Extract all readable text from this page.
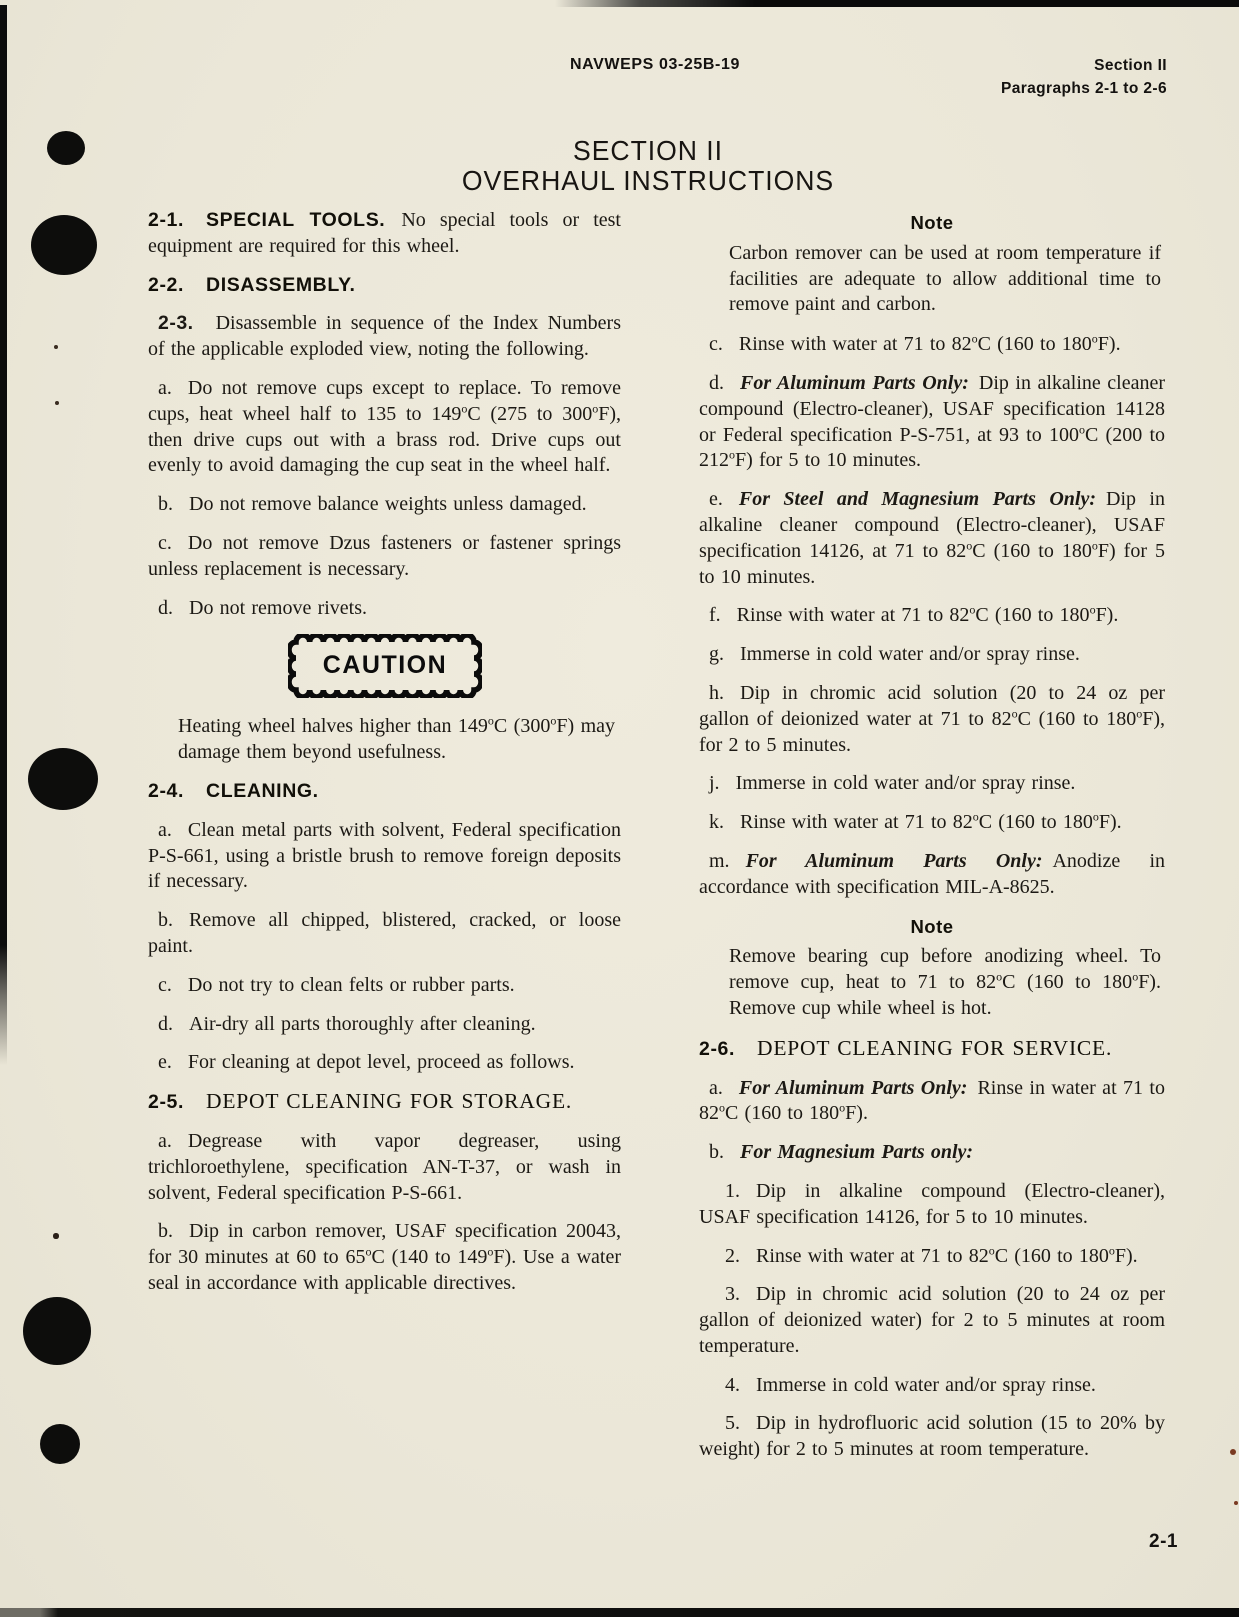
NAVWEPS 03-25B-19	Section II
Paragraphs 2-1 to 2-6
SECTION II
OVERHAUL INSTRUCTIONS
2-1. SPECIAL TOOLS. No special tools or test equipment are required for this wheel.
2-2. DISASSEMBLY.

2-3. Disassemble in sequence of the Index Numbers of the applicable exploded view, noting the following.

a. Do not remove cups except to replace. To remove cups, heat wheel half to 135 to 149$^o$C (275 to 300$^o$F), then drive cups out with a brass rod. Drive cups out evenly to avoid damaging the cup seat in the wheel half.

b. Do not remove balance weights unless damaged.

c. Do not remove Dzus fasteners or fastener springs unless replacement is necessary.

d. Do not remove rivets.

CAUTION

Heating wheel halves higher than 149$^o$C (300$^o$F) may damage them beyond usefulness.

2-4. CLEANING.

a. Clean metal parts with solvent, Federal specification P-S-661, using a bristle brush to remove foreign deposits if necessary.

b. Remove all chipped, blistered, cracked, or loose paint.

c. Do not try to clean felts or rubber parts.

d. Air-dry all parts thoroughly after cleaning.

e. For cleaning at depot level, proceed as follows.

2-5. DEPOT CLEANING FOR STORAGE.

a. Degrease with vapor degreaser, using trichloroethylene, specification AN-T-37, or wash in solvent, Federal specification P-S-661.

b. Dip in carbon remover, USAF specification 20043, for 30 minutes at 60 to 65$^o$C (140 to 149$^o$F). Use a water seal in accordance with applicable directives.

Note
Carbon remover can be used at room temperature if facilities are adequate to allow additional time to remove paint and carbon.

c. Rinse with water at 71 to 82$^o$C (160 to 180$^o$F).

d. For Aluminum Parts Only: Dip in alkaline cleaner compound (Electro-cleaner), USAF specification 14128 or Federal specification P-S-751, at 93 to 100$^o$C (200 to 212$^o$F) for 5 to 10 minutes.

e. For Steel and Magnesium Parts Only: Dip in alkaline cleaner compound (Electro-cleaner), USAF specification 14126, at 71 to 82$^o$C (160 to 180$^o$F) for 5 to 10 minutes.

f. Rinse with water at 71 to 82$^o$C (160 to 180$^o$F).

g. Immerse in cold water and/or spray rinse.

h. Dip in chromic acid solution (20 to 24 oz per gallon of deionized water at 71 to 82$^o$C (160 to 180$^o$F), for 2 to 5 minutes.

j. Immerse in cold water and/or spray rinse.

k. Rinse with water at 71 to 82$^o$C (160 to 180$^o$F).

m. For Aluminum Parts Only: Anodize in accordance with specification MIL-A-8625.

Note
Remove bearing cup before anodizing wheel. To remove cup, heat to 71 to 82$^o$C (160 to 180$^o$F). Remove cup while wheel is hot.
2-6. DEPOT CLEANING FOR SERVICE.

a. For Aluminum Parts Only: Rinse in water at 71 to 82$^o$C (160 to 180$^o$F).

b. For Magnesium Parts only:

1. Dip in alkaline compound (Electro-cleaner), USAF specification 14126, for 5 to 10 minutes.

2. Rinse with water at 71 to 82$^o$C (160 to 180$^o$F).

3. Dip in chromic acid solution (20 to 24 oz per gallon of deionized water) for 2 to 5 minutes at room temperature.

4. Immerse in cold water and/or spray rinse.

5. Dip in hydrofluoric acid solution (15 to 20% by weight) for 2 to 5 minutes at room temperature.

2-1
